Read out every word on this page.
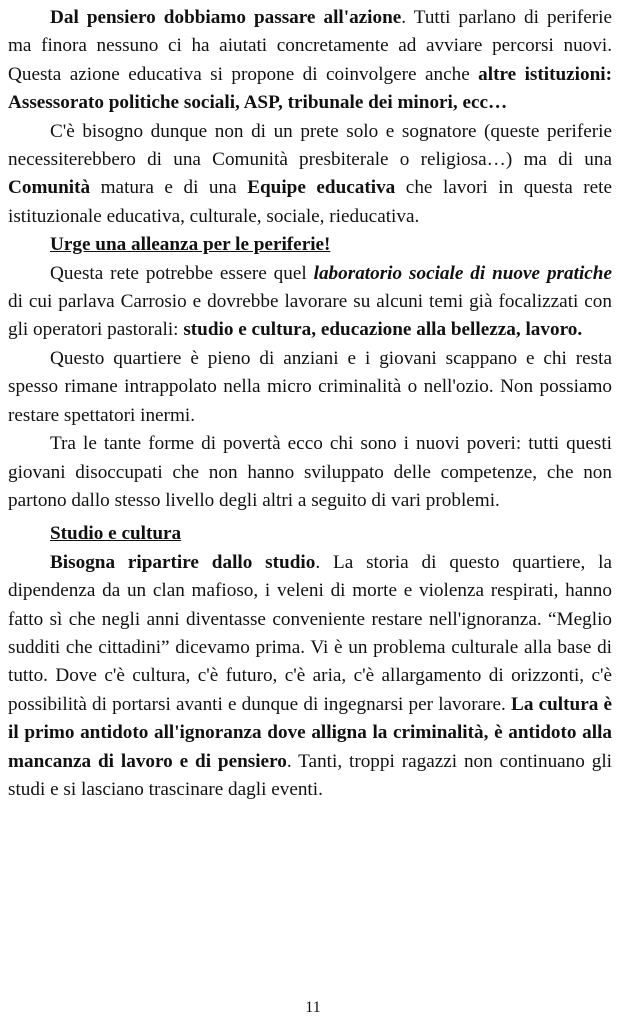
Dal pensiero dobbiamo passare all'azione. Tutti parlano di periferie ma finora nessuno ci ha aiutati concretamente ad avviare percorsi nuovi. Questa azione educativa si propone di coinvolgere anche altre istituzioni: Assessorato politiche sociali, ASP, tribunale dei minori, ecc…

C'è bisogno dunque non di un prete solo e sognatore (queste periferie necessiterebbero di una Comunità presbiterale o religiosa…) ma di una Comunità matura e di una Equipe educativa che lavori in questa rete istituzionale educativa, culturale, sociale, rieducativa.

Urge una alleanza per le periferie!

Questa rete potrebbe essere quel laboratorio sociale di nuove pratiche di cui parlava Carrosio e dovrebbe lavorare su alcuni temi già focalizzati con gli operatori pastorali: studio e cultura, educazione alla bellezza, lavoro.

Questo quartiere è pieno di anziani e i giovani scappano e chi resta spesso rimane intrappolato nella micro criminalità o nell'ozio. Non possiamo restare spettatori inermi.

Tra le tante forme di povertà ecco chi sono i nuovi poveri: tutti questi giovani disoccupati che non hanno sviluppato delle competenze, che non partono dallo stesso livello degli altri a seguito di vari problemi.

Studio e cultura

Bisogna ripartire dallo studio. La storia di questo quartiere, la dipendenza da un clan mafioso, i veleni di morte e violenza respirati, hanno fatto sì che negli anni diventasse conveniente restare nell'ignoranza. “Meglio sudditi che cittadini” dicevamo prima. Vi è un problema culturale alla base di tutto. Dove c'è cultura, c'è futuro, c'è aria, c'è allargamento di orizzonti, c'è possibilità di portarsi avanti e dunque di ingegnarsi per lavorare. La cultura è il primo antidoto all'ignoranza dove alligna la criminalità, è antidoto alla mancanza di lavoro e di pensiero. Tanti, troppi ragazzi non continuano gli studi e si lasciano trascinare dagli eventi.

11
